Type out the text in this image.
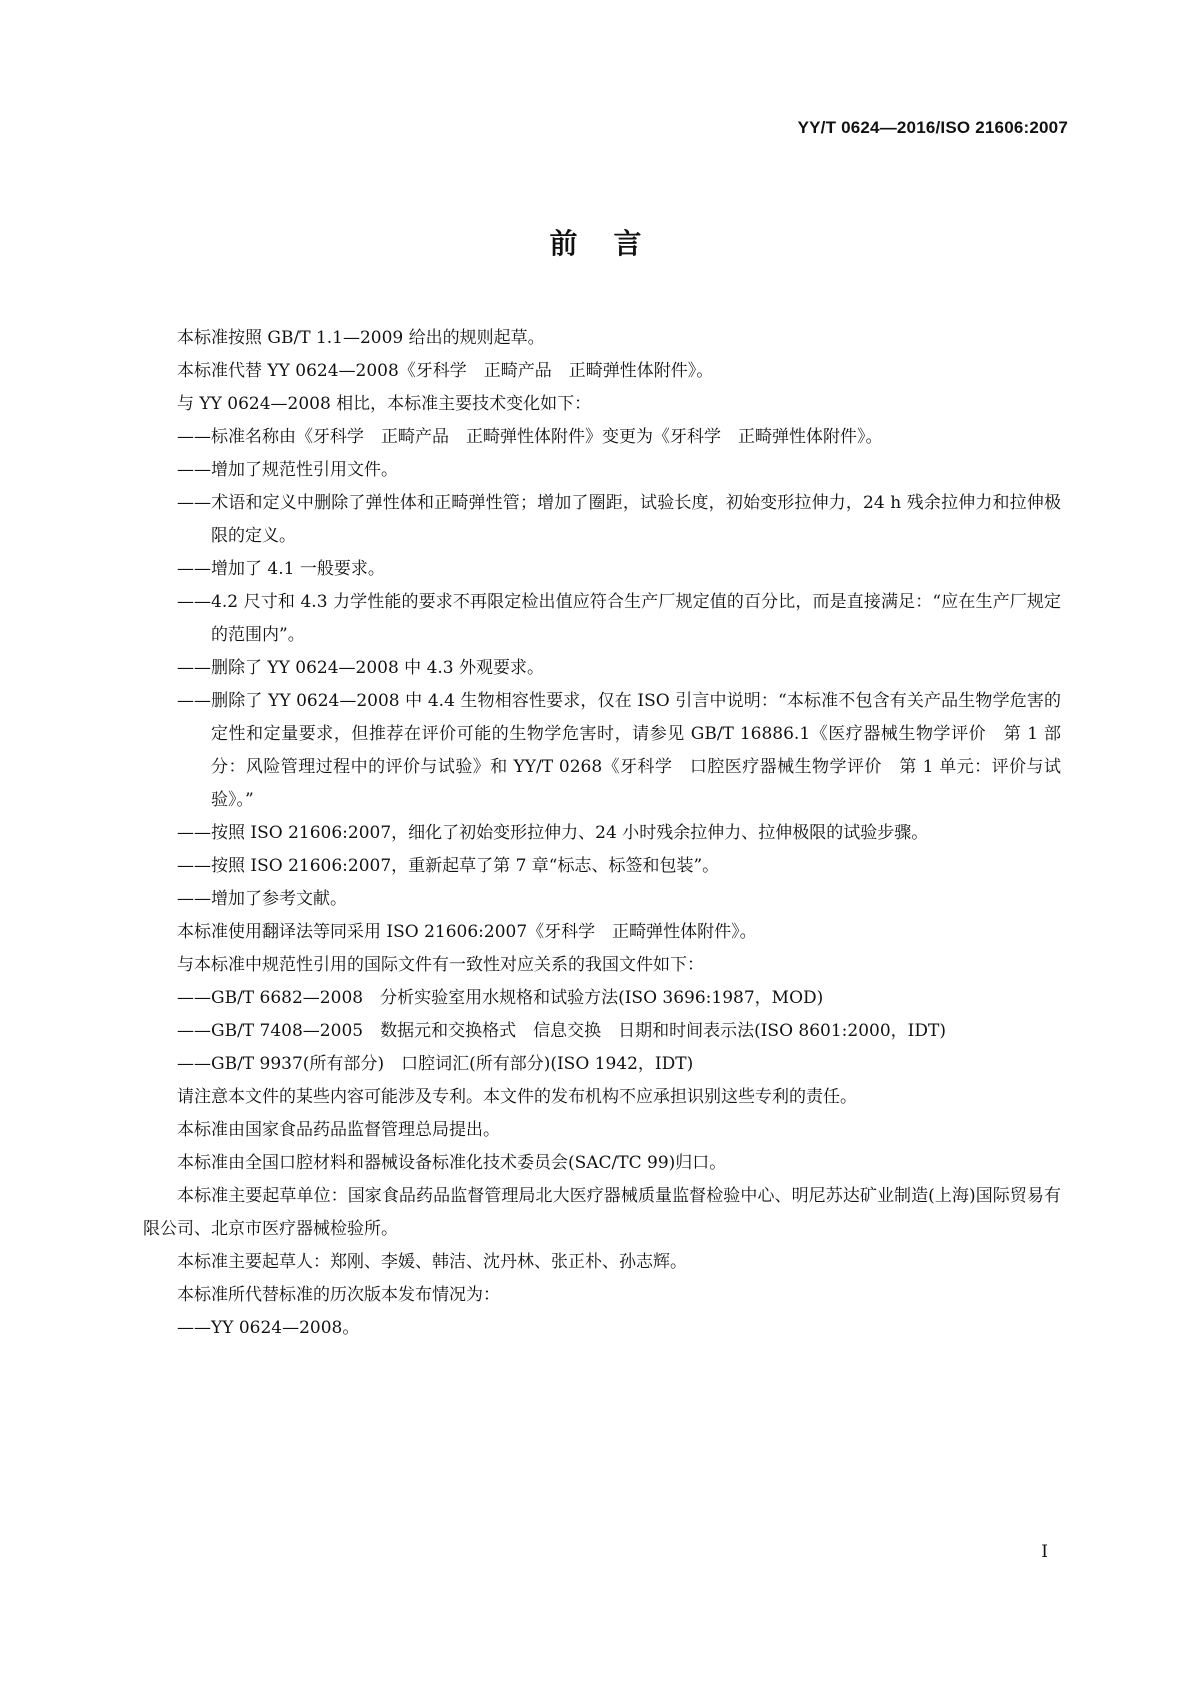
YY/T 0624—2016/ISO 21606:2007
前言

本标准按照 GB/T 1.1—2009 给出的规则起草。

本标准代替 YY 0624—2008《牙科学　正畸产品　正畸弹性体附件》。

与 YY 0624—2008 相比，本标准主要技术变化如下：

——标准名称由《牙科学　正畸产品　正畸弹性体附件》变更为《牙科学　正畸弹性体附件》。

——增加了规范性引用文件。

——术语和定义中删除了弹性体和正畸弹性管；增加了圈距，试验长度，初始变形拉伸力，24 h 残余拉伸力和拉伸极限的定义。

——增加了 4.1 一般要求。

——4.2 尺寸和 4.3 力学性能的要求不再限定检出值应符合生产厂规定值的百分比，而是直接满足：“应在生产厂规定的范围内”。

——删除了 YY 0624—2008 中 4.3 外观要求。

——删除了 YY 0624—2008 中 4.4 生物相容性要求，仅在 ISO 引言中说明：“本标准不包含有关产品生物学危害的定性和定量要求，但推荐在评价可能的生物学危害时，请参见 GB/T 16886.1《医疗器械生物学评价　第 1 部分：风险管理过程中的评价与试验》和 YY/T 0268《牙科学　口腔医疗器械生物学评价　第 1 单元：评价与试验》。”

——按照 ISO 21606:2007，细化了初始变形拉伸力、24 小时残余拉伸力、拉伸极限的试验步骤。

——按照 ISO 21606:2007，重新起草了第 7 章“标志、标签和包装”。

——增加了参考文献。

本标准使用翻译法等同采用 ISO 21606:2007《牙科学　正畸弹性体附件》。

与本标准中规范性引用的国际文件有一致性对应关系的我国文件如下：

——GB/T 6682—2008　分析实验室用水规格和试验方法(ISO 3696:1987，MOD)

——GB/T 7408—2005　数据元和交换格式　信息交换　日期和时间表示法(ISO 8601:2000，IDT)

——GB/T 9937(所有部分)　口腔词汇(所有部分)(ISO 1942，IDT)

请注意本文件的某些内容可能涉及专利。本文件的发布机构不应承担识别这些专利的责任。

本标准由国家食品药品监督管理总局提出。

本标准由全国口腔材料和器械设备标准化技术委员会(SAC/TC 99)归口。

本标准主要起草单位：国家食品药品监督管理局北大医疗器械质量监督检验中心、明尼苏达矿业制造(上海)国际贸易有限公司、北京市医疗器械检验所。

本标准主要起草人：郑刚、李媛、韩洁、沈丹林、张正朴、孙志辉。

本标准所代替标准的历次版本发布情况为：

——YY 0624—2008。

I
